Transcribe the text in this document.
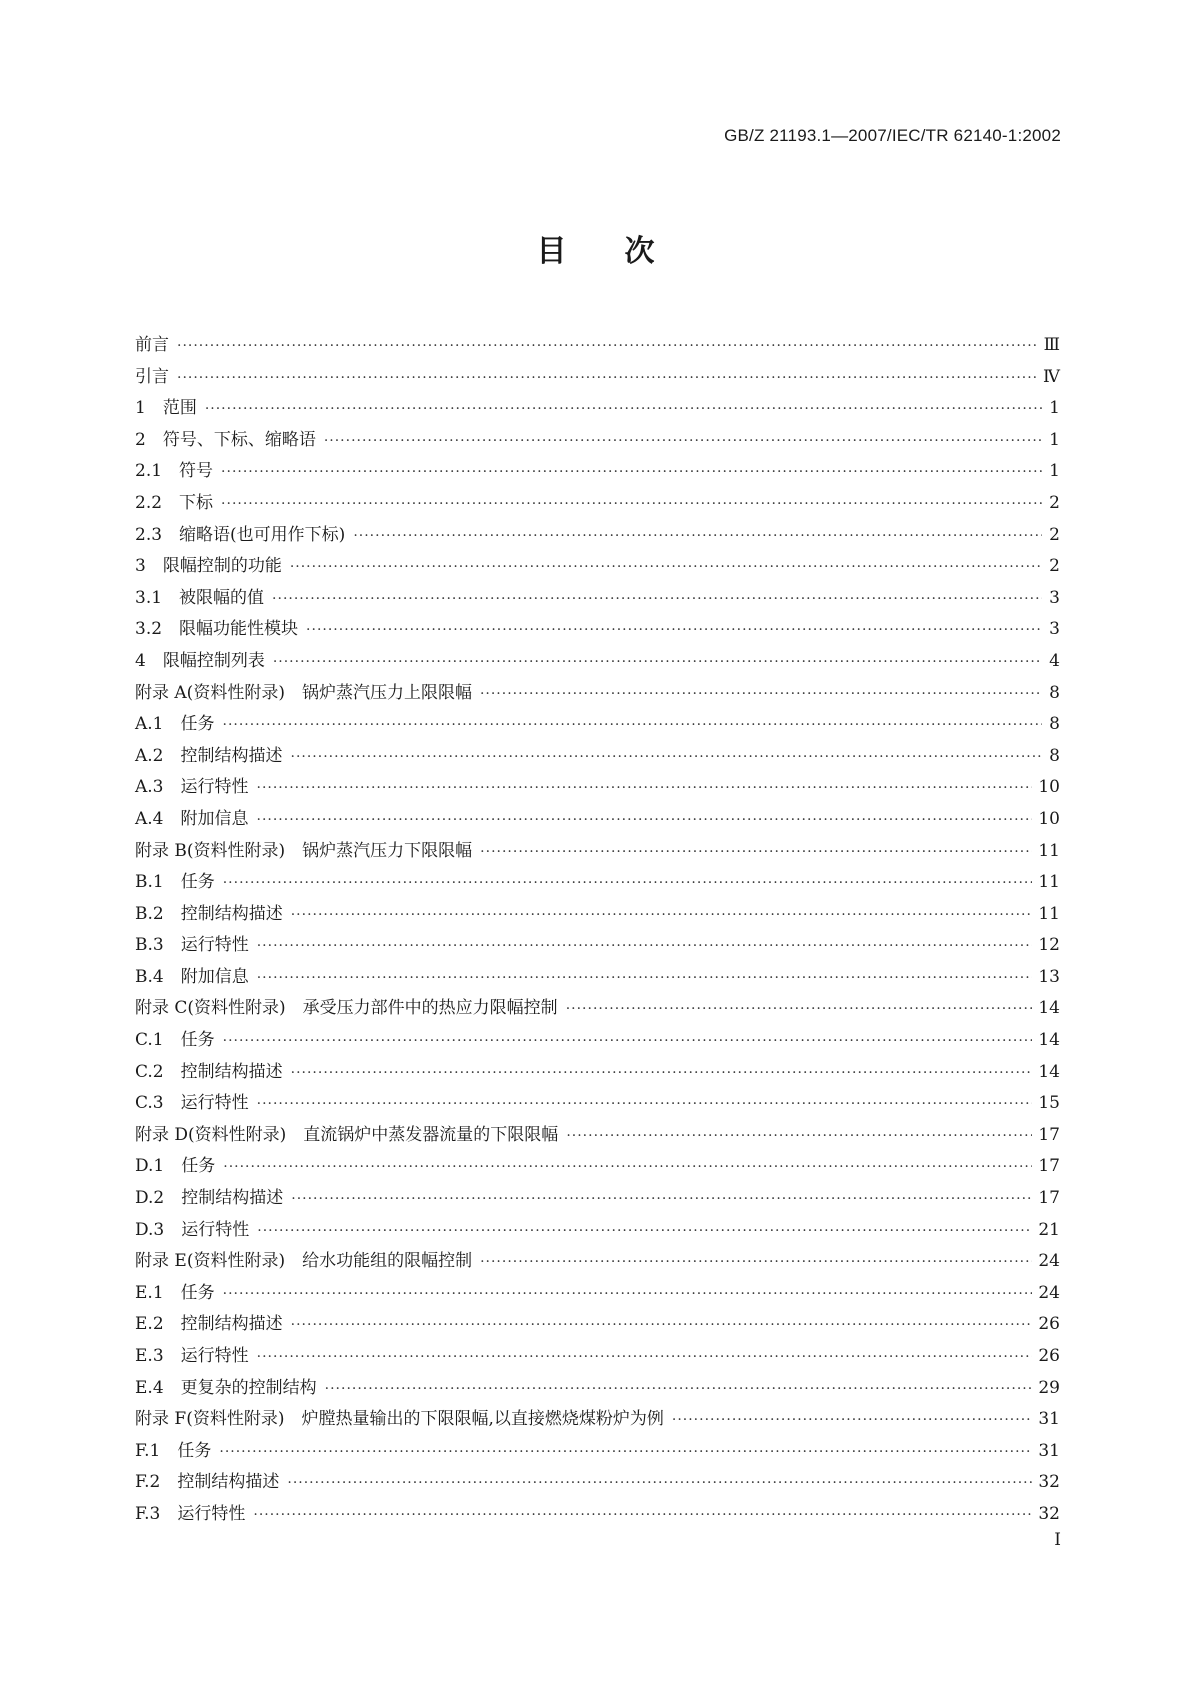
GB/Z 21193.1—2007/IEC/TR 62140-1:2002
目 次
前言 ·····	Ⅲ
引言 ·····	Ⅳ
1　范围 ·····	1
2　符号、下标、缩略语 ·····	1
2.1　符号 ·····	1
2.2　下标 ·····	2
2.3　缩略语(也可用作下标) ·····	2
3　限幅控制的功能 ·····	2
3.1　被限幅的值 ·····	3
3.2　限幅功能性模块 ·····	3
4　限幅控制列表 ·····	4
附录 A(资料性附录)　锅炉蒸汽压力上限限幅 ·····	8
A.1　任务 ·····	8
A.2　控制结构描述 ·····	8
A.3　运行特性 ·····	10
A.4　附加信息 ·····	10
附录 B(资料性附录)　锅炉蒸汽压力下限限幅 ·····	11
B.1　任务 ·····	11
B.2　控制结构描述 ·····	11
B.3　运行特性 ·····	12
B.4　附加信息 ·····	13
附录 C(资料性附录)　承受压力部件中的热应力限幅控制 ·····	14
C.1　任务 ·····	14
C.2　控制结构描述 ·····	14
C.3　运行特性 ·····	15
附录 D(资料性附录)　直流锅炉中蒸发器流量的下限限幅 ·····	17
D.1　任务 ·····	17
D.2　控制结构描述 ·····	17
D.3　运行特性 ·····	21
附录 E(资料性附录)　给水功能组的限幅控制 ·····	24
E.1　任务 ·····	24
E.2　控制结构描述 ·····	26
E.3　运行特性 ·····	26
E.4　更复杂的控制结构 ·····	29
附录 F(资料性附录)　炉膛热量输出的下限限幅,以直接燃烧煤粉炉为例 ·····	31
F.1　任务 ·····	31
F.2　控制结构描述 ·····	32
F.3　运行特性 ·····	32
I
